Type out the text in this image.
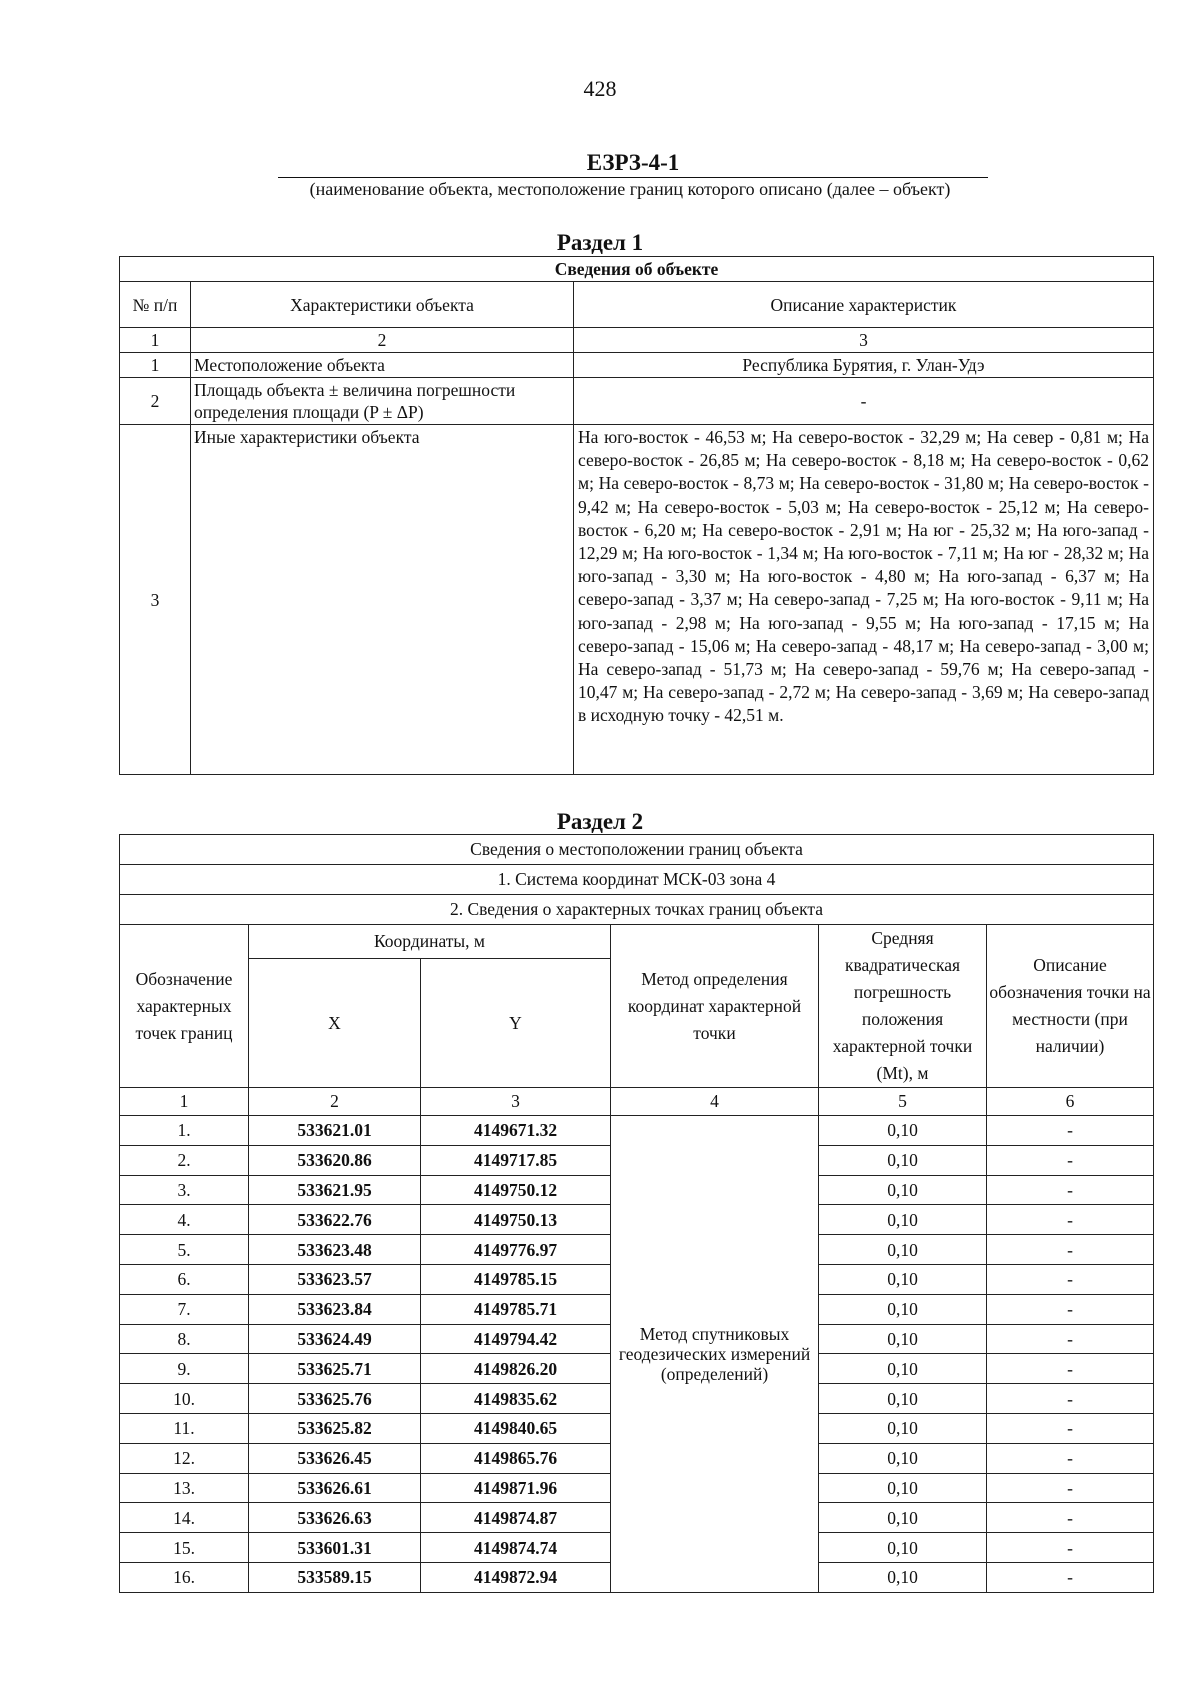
428
ЕЗРЗ-4-1
(наименование объекта, местоположение границ которого описано (далее – объект)
Раздел 1
Сведения об объекте		
№ п/п	Характеристики объекта	Описание характеристик
1	2	3
1	Местоположение объекта	Республика Бурятия, г. Улан-Удэ
2	Площадь объекта ± величина погрешности определения площади (P ± ΔP)	-
3	Иные характеристики объекта	На юго-восток - 46,53 м; На северо-восток - 32,29 м; На север - 0,81 м; На северо-восток - 26,85 м; На северо-восток - 8,18 м; На северо-восток - 0,62 м; На северо-восток - 8,73 м; На северо-восток - 31,80 м; На северо-восток - 9,42 м; На северо-восток - 5,03 м; На северо-восток - 25,12 м; На северо-восток - 6,20 м; На северо-восток - 2,91 м; На юг - 25,32 м; На юго-запад - 12,29 м; На юго-восток - 1,34 м; На юго-восток - 7,11 м; На юг - 28,32 м; На юго-запад - 3,30 м; На юго-восток - 4,80 м; На юго-запад - 6,37 м; На северо-запад - 3,37 м; На северо-запад - 7,25 м; На юго-восток - 9,11 м; На юго-запад - 2,98 м; На юго-запад - 9,55 м; На юго-запад - 17,15 м; На северо-запад - 15,06 м; На северо-запад - 48,17 м; На северо-запад - 3,00 м; На северо-запад - 51,73 м; На северо-запад - 59,76 м; На северо-запад - 10,47 м; На северо-запад - 2,72 м; На северо-запад - 3,69 м; На северо-запад в исходную точку - 42,51 м.
Раздел 2
Сведения о местоположении границ объекта					
1. Система координат МСК-03 зона 4					
2. Сведения о характерных точках границ объекта					
Обозначение характерных точек границ	Координаты, м		Метод определения координат характерной точки	Средняя квадратическая погрешность положения характерной точки (Mt), м	Описание обозначения точки на местности (при наличии)
	X	Y			
1	2	3	4	5	6
1.	533621.01	4149671.32	Метод спутниковых геодезических измерений (определений)	0,10	-
2.	533620.86	4149717.85		0,10	-
3.	533621.95	4149750.12		0,10	-
4.	533622.76	4149750.13		0,10	-
5.	533623.48	4149776.97		0,10	-
6.	533623.57	4149785.15		0,10	-
7.	533623.84	4149785.71		0,10	-
8.	533624.49	4149794.42		0,10	-
9.	533625.71	4149826.20		0,10	-
10.	533625.76	4149835.62		0,10	-
11.	533625.82	4149840.65		0,10	-
12.	533626.45	4149865.76		0,10	-
13.	533626.61	4149871.96		0,10	-
14.	533626.63	4149874.87		0,10	-
15.	533601.31	4149874.74		0,10	-
16.	533589.15	4149872.94		0,10	-
